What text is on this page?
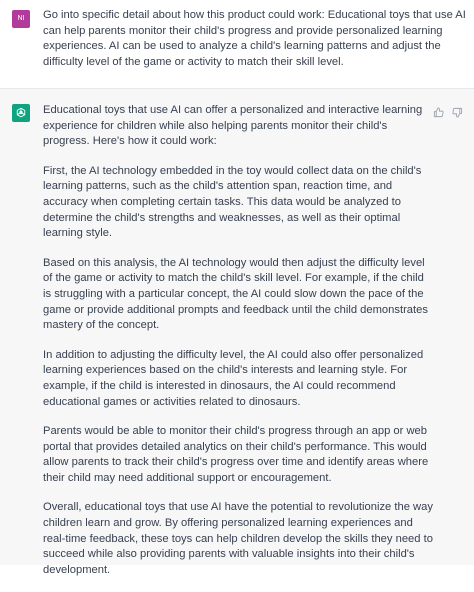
NI	Go into specific detail about how this product could work: Educational toys that use AI can help parents monitor their child's progress and provide personalized learning experiences. AI can be used to analyze a child's learning patterns and adjust the difficulty level of the game or activity to match their skill level.

Educational toys that use AI can offer a personalized and interactive learning experience for children while also helping parents monitor their child's progress. Here's how it could work:

First, the AI technology embedded in the toy would collect data on the child's learning patterns, such as the child's attention span, reaction time, and accuracy when completing certain tasks. This data would be analyzed to determine the child's strengths and weaknesses, as well as their optimal learning style.

Based on this analysis, the AI technology would then adjust the difficulty level of the game or activity to match the child's skill level. For example, if the child is struggling with a particular concept, the AI could slow down the pace of the game or provide additional prompts and feedback until the child demonstrates mastery of the concept.

In addition to adjusting the difficulty level, the AI could also offer personalized learning experiences based on the child's interests and learning style. For example, if the child is interested in dinosaurs, the AI could recommend educational games or activities related to dinosaurs.

Parents would be able to monitor their child's progress through an app or web portal that provides detailed analytics on their child's performance. This would allow parents to track their child's progress over time and identify areas where their child may need additional support or encouragement.

Overall, educational toys that use AI have the potential to revolutionize the way children learn and grow. By offering personalized learning experiences and real-time feedback, these toys can help children develop the skills they need to succeed while also providing parents with valuable insights into their child's development.
